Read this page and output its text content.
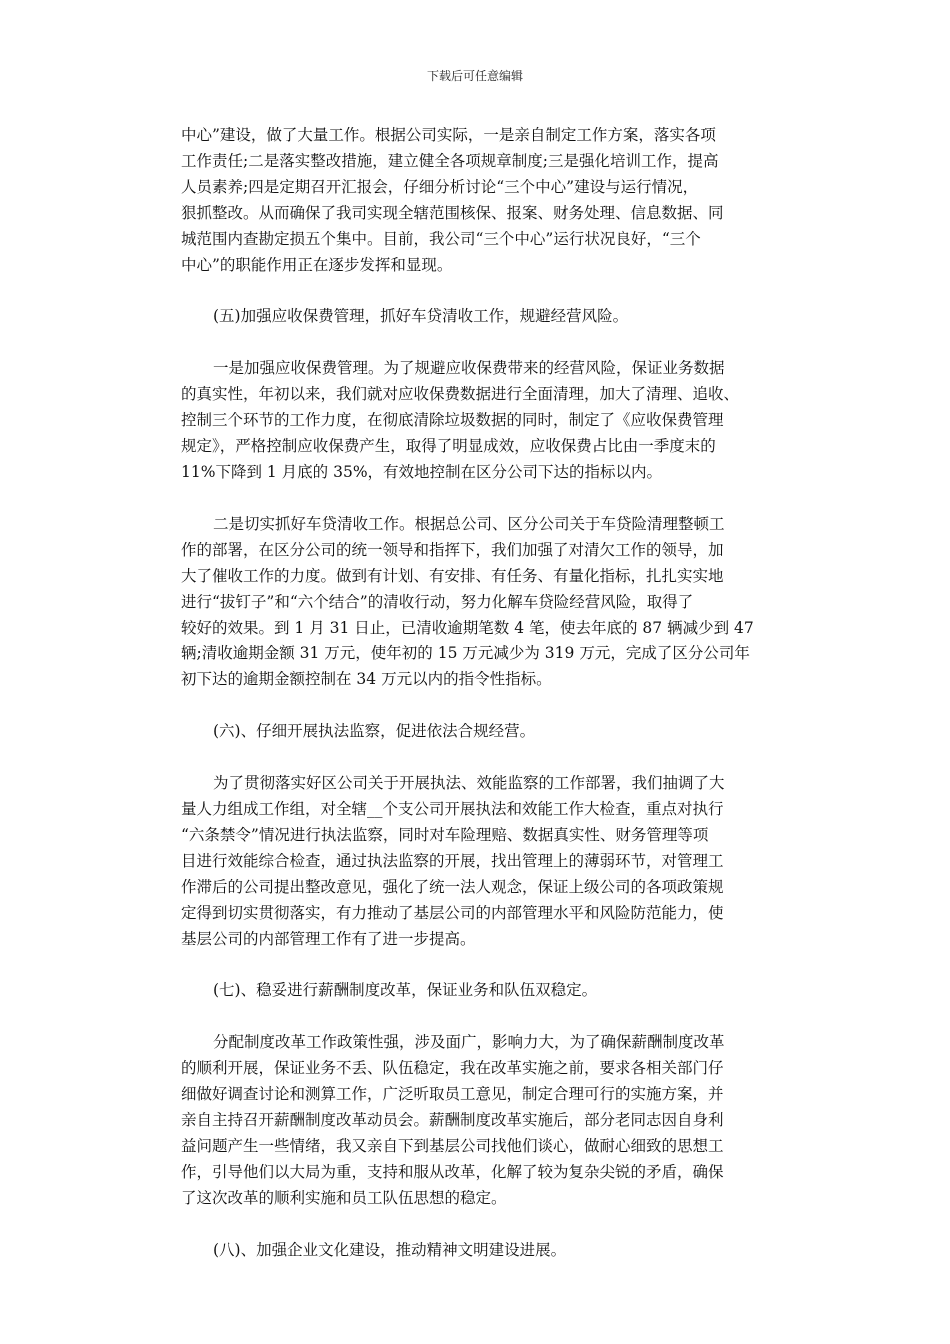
下载后可任意编辑
中心”建设，做了大量工作。根据公司实际，一是亲自制定工作方案，落实各项
工作责任;二是落实整改措施，建立健全各项规章制度;三是强化培训工作，提高
人员素养;四是定期召开汇报会，仔细分析讨论“三个中心”建设与运行情况，
狠抓整改。从而确保了我司实现全辖范围核保、报案、财务处理、信息数据、同
城范围内查勘定损五个集中。目前，我公司“三个中心”运行状况良好，“三个
中心”的职能作用正在逐步发挥和显现。
(五)加强应收保费管理，抓好车贷清收工作，规避经营风险。
一是加强应收保费管理。为了规避应收保费带来的经营风险，保证业务数据
的真实性，年初以来，我们就对应收保费数据进行全面清理，加大了清理、追收、
控制三个环节的工作力度，在彻底清除垃圾数据的同时，制定了《应收保费管理
规定》，严格控制应收保费产生，取得了明显成效，应收保费占比由一季度末的
11%下降到 1 月底的 35%，有效地控制在区分公司下达的指标以内。
二是切实抓好车贷清收工作。根据总公司、区分公司关于车贷险清理整顿工
作的部署，在区分公司的统一领导和指挥下，我们加强了对清欠工作的领导，加
大了催收工作的力度。做到有计划、有安排、有任务、有量化指标，扎扎实实地
进行“拔钉子”和“六个结合”的清收行动，努力化解车贷险经营风险，取得了
较好的效果。到 1 月 31 日止，已清收逾期笔数 4 笔，使去年底的 87 辆减少到 47
辆;清收逾期金额 31 万元，使年初的 15 万元减少为 319 万元，完成了区分公司年
初下达的逾期金额控制在 34 万元以内的指令性指标。
(六)、仔细开展执法监察，促进依法合规经营。
为了贯彻落实好区公司关于开展执法、效能监察的工作部署，我们抽调了大
量人力组成工作组，对全辖__个支公司开展执法和效能工作大检查，重点对执行
“六条禁令”情况进行执法监察，同时对车险理赔、数据真实性、财务管理等项
目进行效能综合检查，通过执法监察的开展，找出管理上的薄弱环节，对管理工
作滞后的公司提出整改意见，强化了统一法人观念，保证上级公司的各项政策规
定得到切实贯彻落实，有力推动了基层公司的内部管理水平和风险防范能力，使
基层公司的内部管理工作有了进一步提高。
(七)、稳妥进行薪酬制度改革，保证业务和队伍双稳定。
分配制度改革工作政策性强，涉及面广，影响力大，为了确保薪酬制度改革
的顺利开展，保证业务不丢、队伍稳定，我在改革实施之前，要求各相关部门仔
细做好调查讨论和测算工作，广泛听取员工意见，制定合理可行的实施方案，并
亲自主持召开薪酬制度改革动员会。薪酬制度改革实施后，部分老同志因自身利
益问题产生一些情绪，我又亲自下到基层公司找他们谈心，做耐心细致的思想工
作，引导他们以大局为重，支持和服从改革，化解了较为复杂尖锐的矛盾，确保
了这次改革的顺利实施和员工队伍思想的稳定。
(八)、加强企业文化建设，推动精神文明建设进展。
